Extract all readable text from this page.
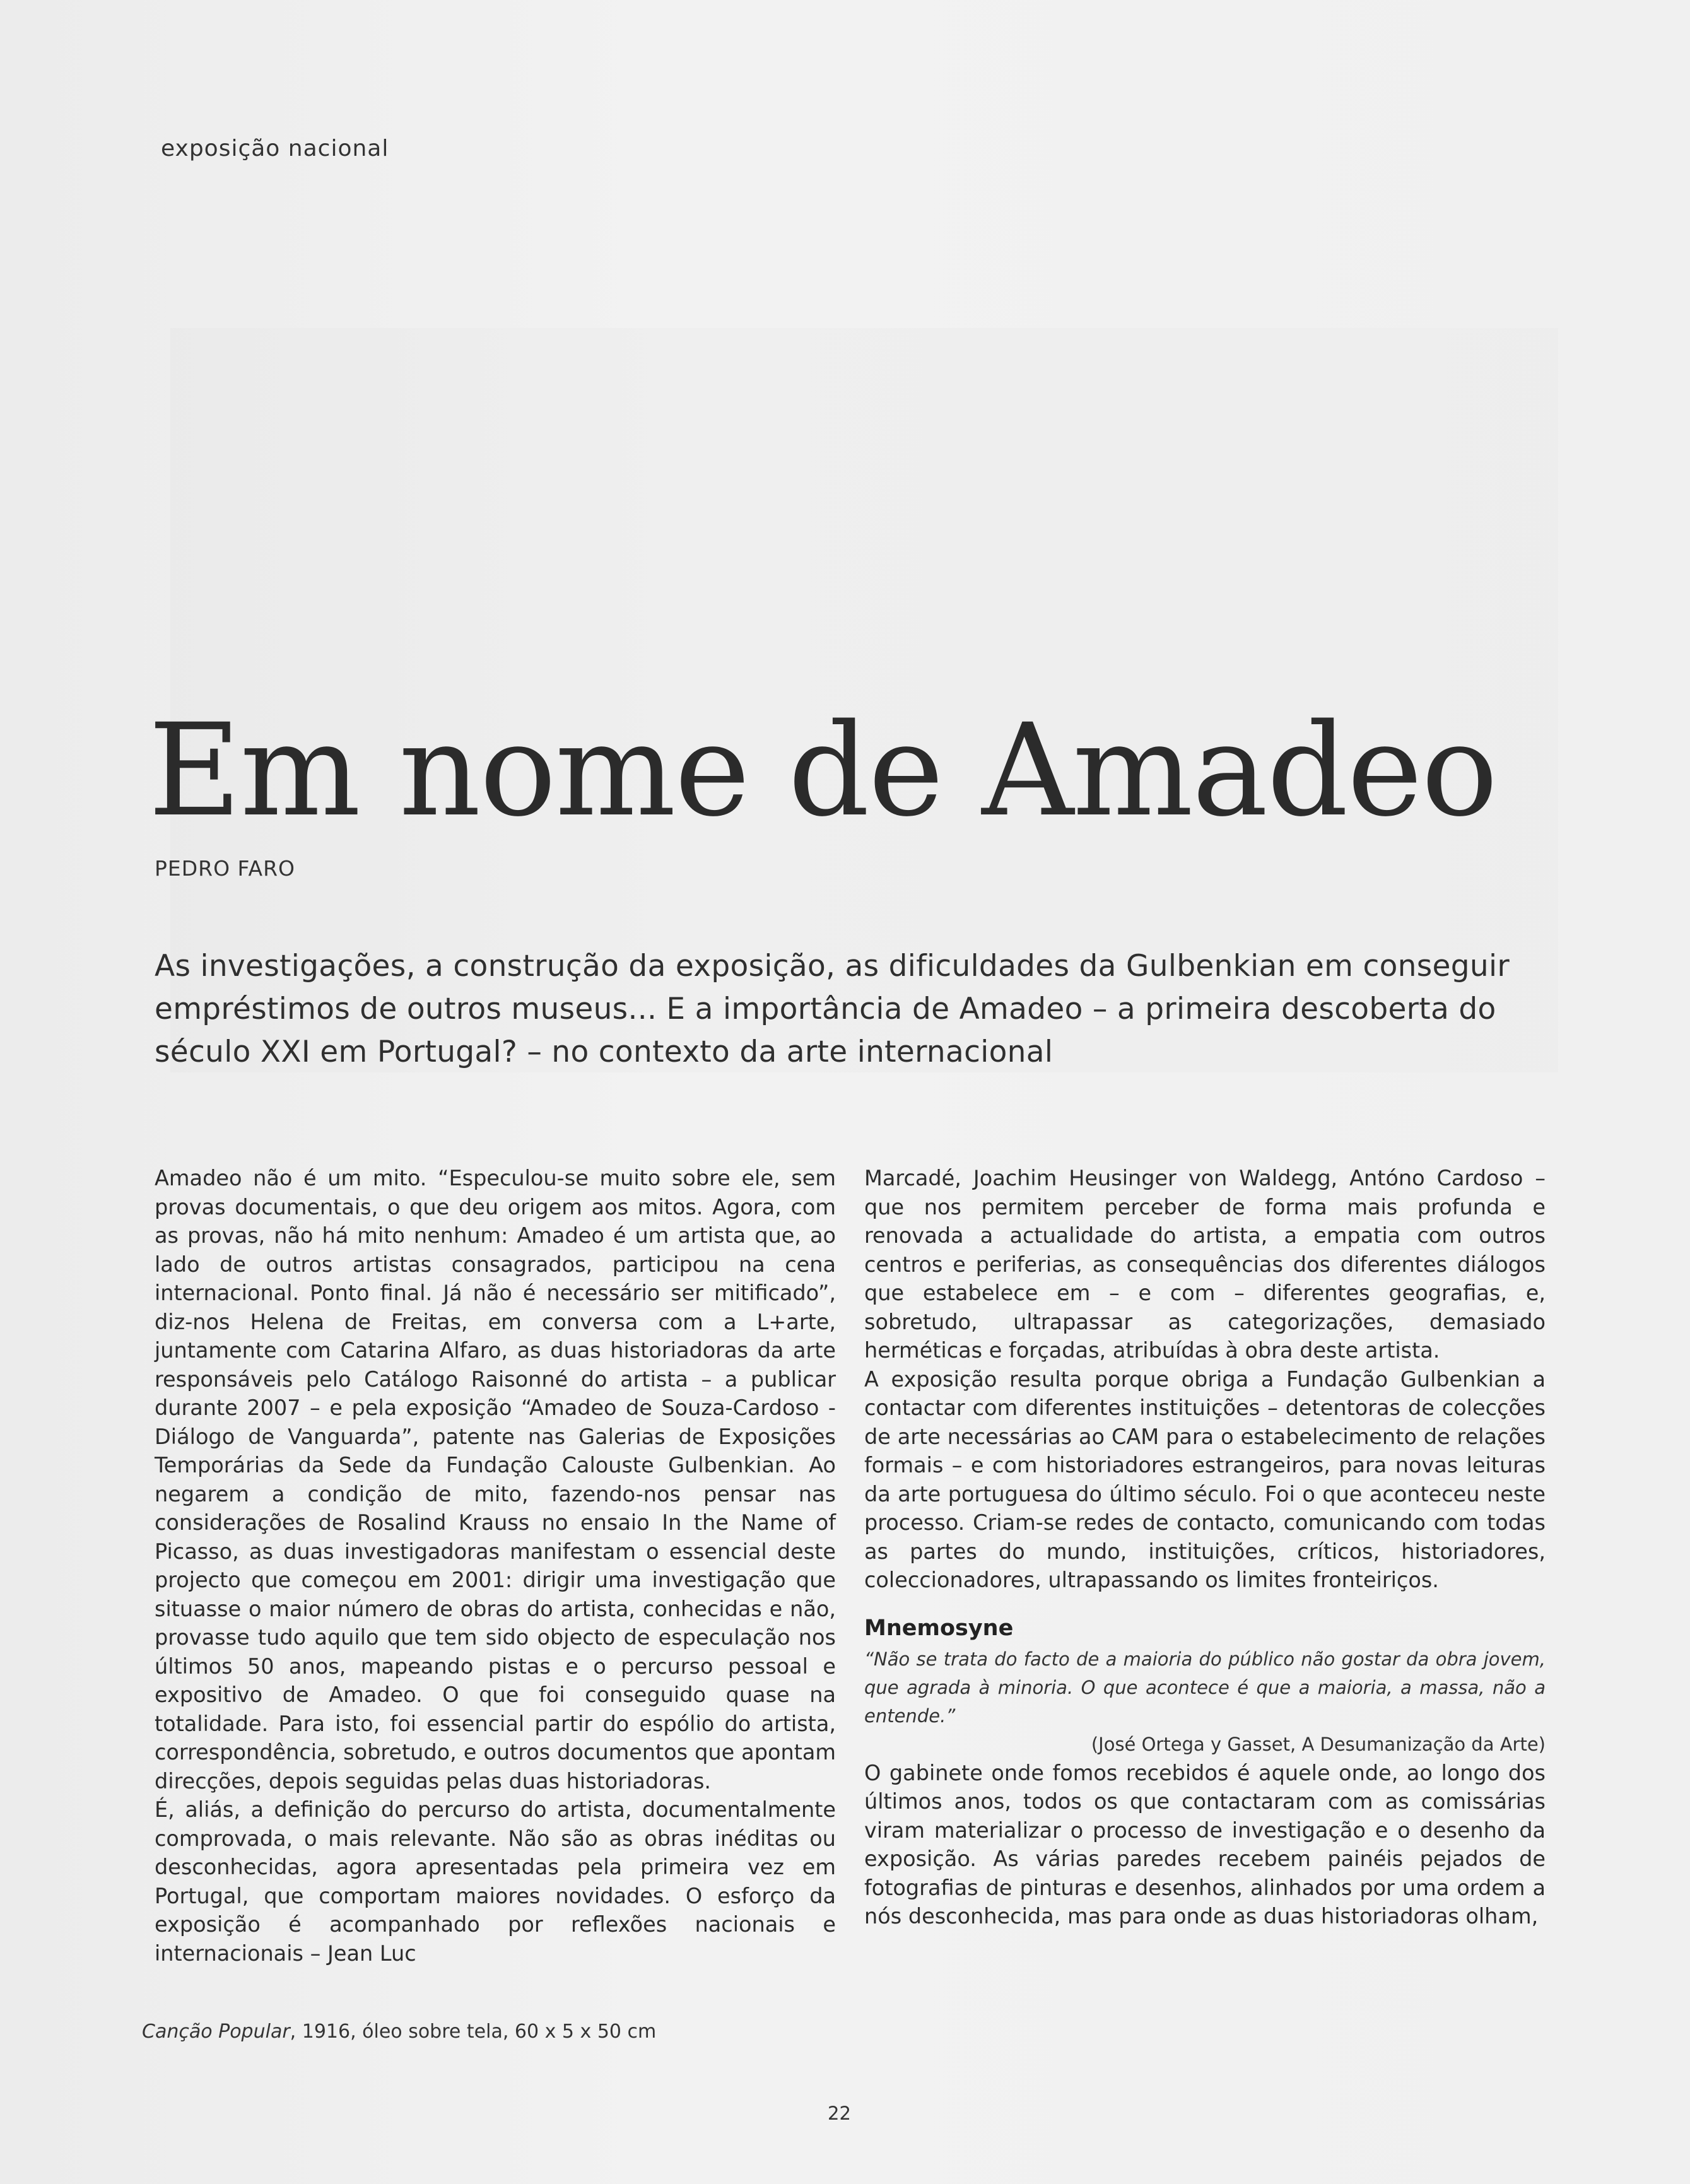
exposição nacional
Em nome de Amadeo
PEDRO FARO

As investigações, a construção da exposição, as dificuldades da Gulbenkian em conseguir empréstimos de outros museus... E a importância de Amadeo – a primeira descoberta do século XXI em Portugal? – no contexto da arte internacional

Amadeo não é um mito. “Especulou-se muito sobre ele, sem provas documentais, o que deu origem aos mitos. Agora, com as provas, não há mito nenhum: Amadeo é um artista que, ao lado de outros artistas consagrados, participou na cena internacional. Ponto final. Já não é necessário ser mitificado”, diz-nos Helena de Freitas, em conversa com a L+arte, juntamente com Catarina Alfaro, as duas historiadoras da arte responsáveis pelo Catálogo Raisonné do artista – a publicar durante 2007 – e pela exposição “Amadeo de Souza-Cardoso - Diálogo de Vanguarda”, patente nas Galerias de Exposições Temporárias da Sede da Fundação Calouste Gulbenkian. Ao negarem a condição de mito, fazendo-nos pensar nas considerações de Rosalind Krauss no ensaio In the Name of Picasso, as duas investigadoras manifestam o essencial deste projecto que começou em 2001: dirigir uma investigação que situasse o maior número de obras do artista, conhecidas e não, provasse tudo aquilo que tem sido objecto de especulação nos últimos 50 anos, mapeando pistas e o percurso pessoal e expositivo de Amadeo. O que foi conseguido quase na totalidade. Para isto, foi essencial partir do espólio do artista, correspondência, sobretudo, e outros documentos que apontam direcções, depois seguidas pelas duas historiadoras.

É, aliás, a definição do percurso do artista, documentalmente comprovada, o mais relevante. Não são as obras inéditas ou desconhecidas, agora apresentadas pela primeira vez em Portugal, que comportam maiores novidades. O esforço da exposição é acompanhado por reflexões nacionais e internacionais – Jean Luc

Marcadé, Joachim Heusinger von Waldegg, Antóno Cardoso – que nos permitem perceber de forma mais profunda e renovada a actualidade do artista, a empatia com outros centros e periferias, as consequências dos diferentes diálogos que estabelece em – e com – diferentes geografias, e, sobretudo, ultrapassar as categorizações, demasiado herméticas e forçadas, atribuídas à obra deste artista.

A exposição resulta porque obriga a Fundação Gulbenkian a contactar com diferentes instituições – detentoras de colecções de arte necessárias ao CAM para o estabelecimento de relações formais – e com historiadores estrangeiros, para novas leituras da arte portuguesa do último século. Foi o que aconteceu neste processo. Criam-se redes de contacto, comunicando com todas as partes do mundo, instituições, críticos, historiadores, coleccionadores, ultrapassando os limites fronteiriços.

Mnemosyne

“Não se trata do facto de a maioria do público não gostar da obra jovem, que agrada à minoria. O que acontece é que a maioria, a massa, não a entende.”

(José Ortega y Gasset, A Desumanização da Arte)

O gabinete onde fomos recebidos é aquele onde, ao longo dos últimos anos, todos os que contactaram com as comissárias viram materializar o processo de investigação e o desenho da exposição. As várias paredes recebem painéis pejados de fotografias de pinturas e desenhos, alinhados por uma ordem a nós desconhecida, mas para onde as duas historiadoras olham,

Canção Popular, 1916, óleo sobre tela, 60 x 5 x 50 cm
22
